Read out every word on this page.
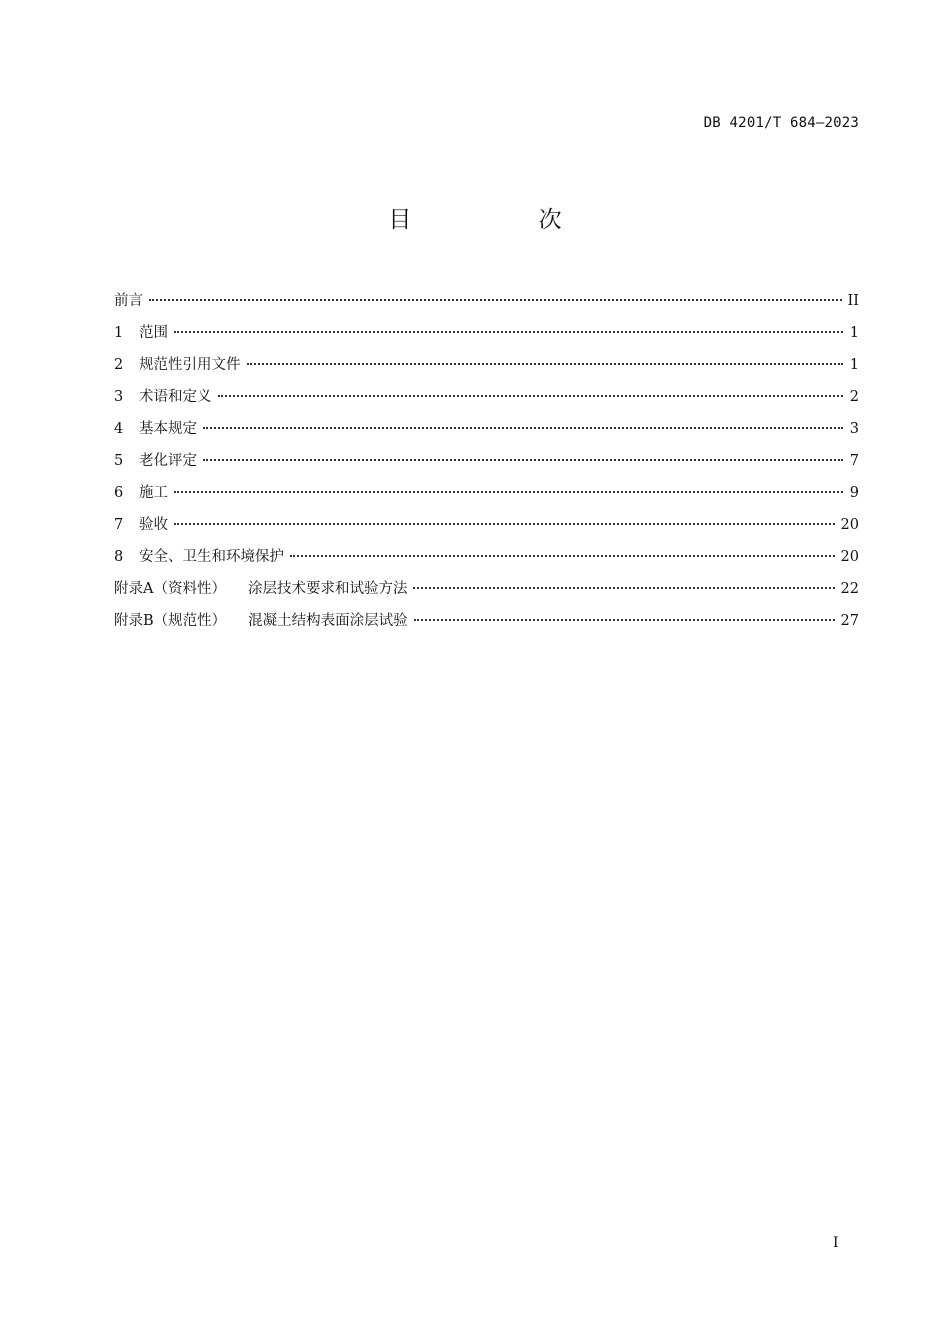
DB 4201/T 684—2023
目 次
前言	II
1	范围	1
2	规范性引用文件	1
3	术语和定义	2
4	基本规定	3
5	老化评定	7
6	施工	9
7	验收	20
8	安全、卫生和环境保护	20
附录A（资料性）	涂层技术要求和试验方法	22
附录B（规范性）	混凝土结构表面涂层试验	27
I
